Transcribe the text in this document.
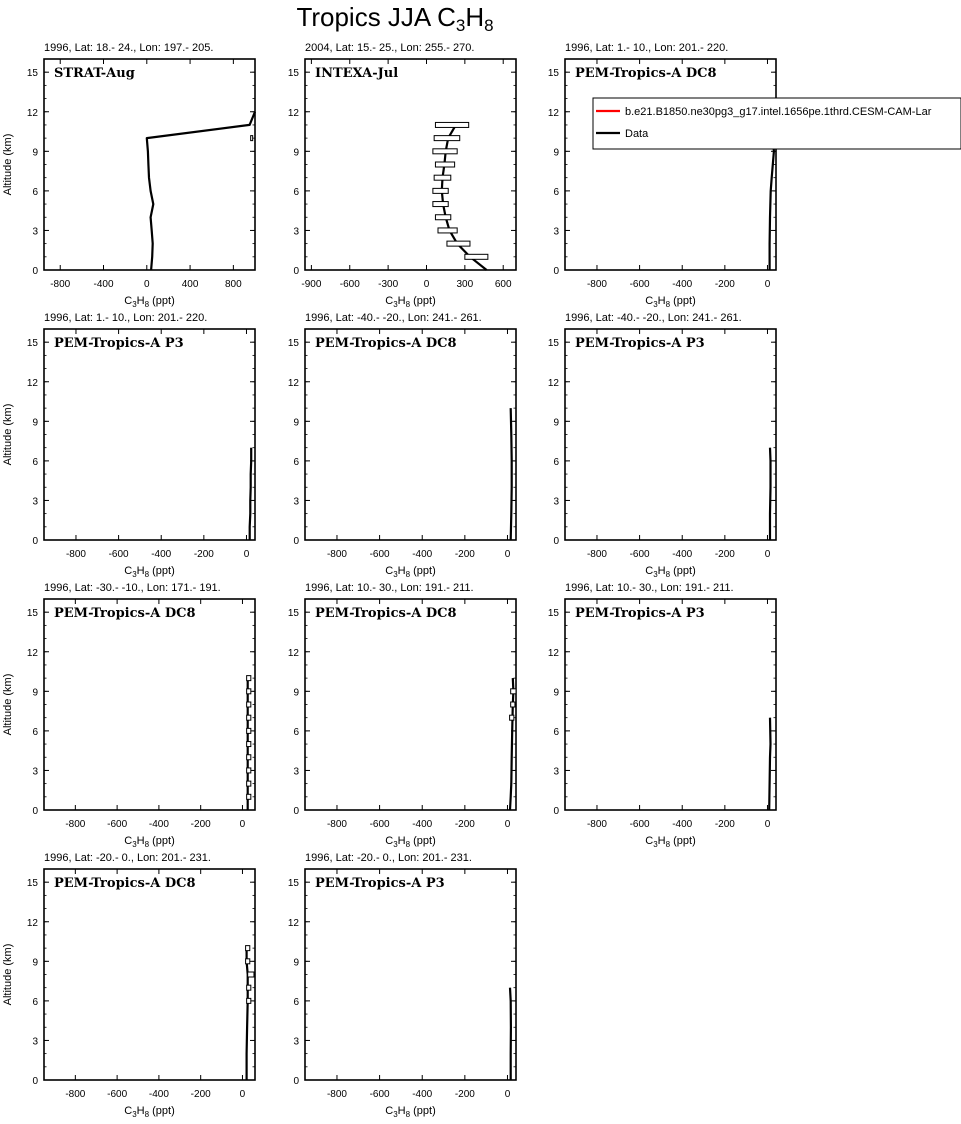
Tropics JJA $C_3H_8$
1996, Lat: 18.- 24., Lon: 197.- 205.
STRAT-Aug
0
3
6
9
12
15
-800 -400	0	400	800
$C_3H_8$ (ppt)
Altitude (km)
2004, Lat: 15.- 25., Lon: 255.- 270.
INTEXA-Jul
0
3
6
9
12
15
-900 -600 -300	0	300 600
$C_3H_8$ (ppt)
1996, Lat: 1.- 10., Lon: 201.- 220.
PEM-Tropics-A DC8
0
3
6
9
12
15
-800 -600 -400 -200	0
$C_3H_8$ (ppt)
b.e21.B1850.ne30pg3_g17.intel.1656pe.1thrd.CESM-CAM-Lar
Data
1996, Lat: 1.- 10., Lon: 201.- 220.
PEM-Tropics-A P3
0
3
6
9
12
15
-800 -600 -400 -200	0
$C_3H_8$ (ppt)
Altitude (km)
1996, Lat: -40.- -20., Lon: 241.- 261.
PEM-Tropics-A DC8
0
3
6
9
12
15
-800 -600 -400 -200	0
$C_3H_8$ (ppt)
1996, Lat: -40.- -20., Lon: 241.- 261.
PEM-Tropics-A P3
0
3
6
9
12
15
-800 -600 -400 -200	0
$C_3H_8$ (ppt)
1996, Lat: -30.- -10., Lon: 171.- 191.
PEM-Tropics-A DC8
0
3
6
9
12
15
-800 -600 -400 -200	0
$C_3H_8$ (ppt)
Altitude (km)
1996, Lat: 10.- 30., Lon: 191.- 211.
PEM-Tropics-A DC8
0
3
6
9
12
15
-800 -600 -400 -200	0
$C_3H_8$ (ppt)
1996, Lat: 10.- 30., Lon: 191.- 211.
PEM-Tropics-A P3
0
3
6
9
12
15
-800 -600 -400 -200	0
$C_3H_8$ (ppt)
1996, Lat: -20.- 0., Lon: 201.- 231.
PEM-Tropics-A DC8
0
3
6
9
12
15
-800 -600 -400 -200	0
$C_3H_8$ (ppt)
Altitude (km)
1996, Lat: -20.- 0., Lon: 201.- 231.
PEM-Tropics-A P3
0
3
6
9
12
15
-800 -600 -400 -200	0
$C_3H_8$ (ppt)
